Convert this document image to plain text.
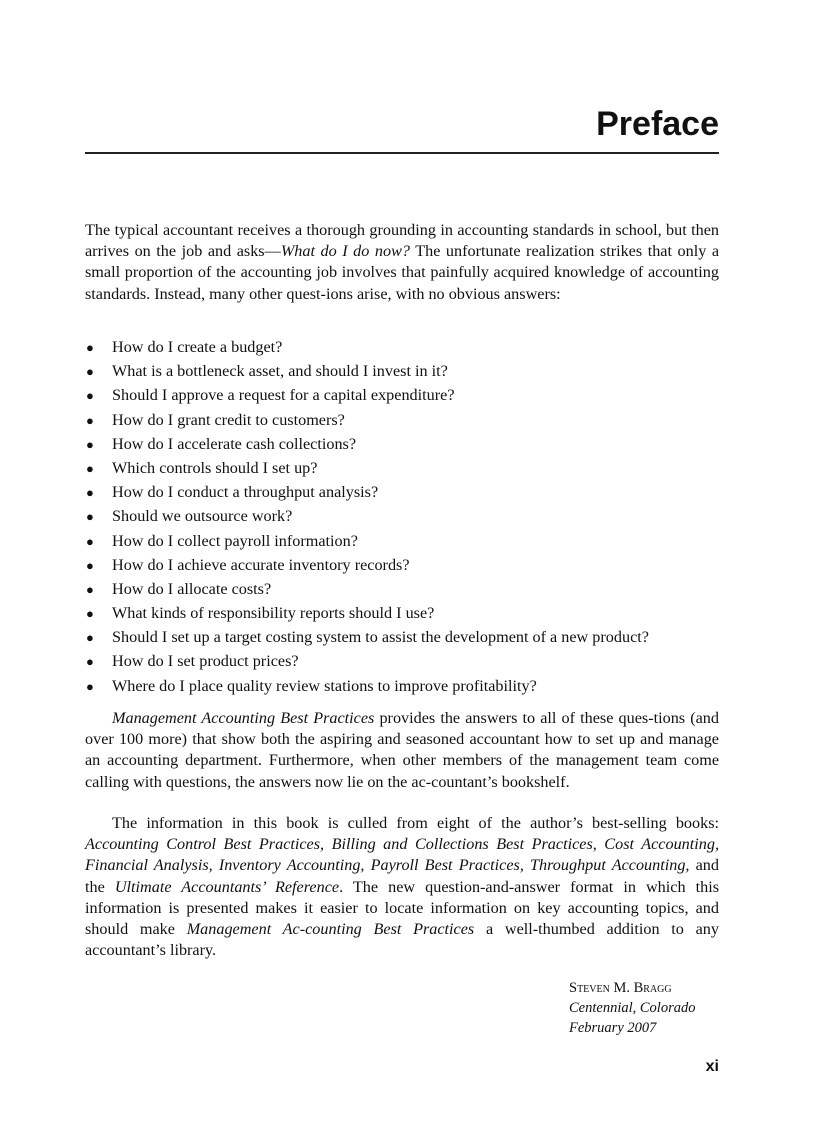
Preface

The typical accountant receives a thorough grounding in accounting standards in school, but then arrives on the job and asks—What do I do now? The unfortunate realization strikes that only a small proportion of the accounting job involves that painfully acquired knowledge of accounting standards. Instead, many other quest-ions arise, with no obvious answers:

● How do I create a budget?
● What is a bottleneck asset, and should I invest in it?
● Should I approve a request for a capital expenditure?
● How do I grant credit to customers?
● How do I accelerate cash collections?
● Which controls should I set up?
● How do I conduct a throughput analysis?
● Should we outsource work?
● How do I collect payroll information?
● How do I achieve accurate inventory records?
● How do I allocate costs?
● What kinds of responsibility reports should I use?
● Should I set up a target costing system to assist the development of a new product?
● How do I set product prices?
● Where do I place quality review stations to improve profitability?

Management Accounting Best Practices provides the answers to all of these ques-tions (and over 100 more) that show both the aspiring and seasoned accountant how to set up and manage an accounting department. Furthermore, when other members of the management team come calling with questions, the answers now lie on the ac-countant’s bookshelf.

The information in this book is culled from eight of the author’s best-selling books: Accounting Control Best Practices, Billing and Collections Best Practices, Cost Accounting, Financial Analysis, Inventory Accounting, Payroll Best Practices, Throughput Accounting, and the Ultimate Accountants’ Reference. The new question-and-answer format in which this information is presented makes it easier to locate information on key accounting topics, and should make Management Ac-counting Best Practices a well-thumbed addition to any accountant’s library.

Steven M. Bragg
Centennial, Colorado
February 2007
xi
